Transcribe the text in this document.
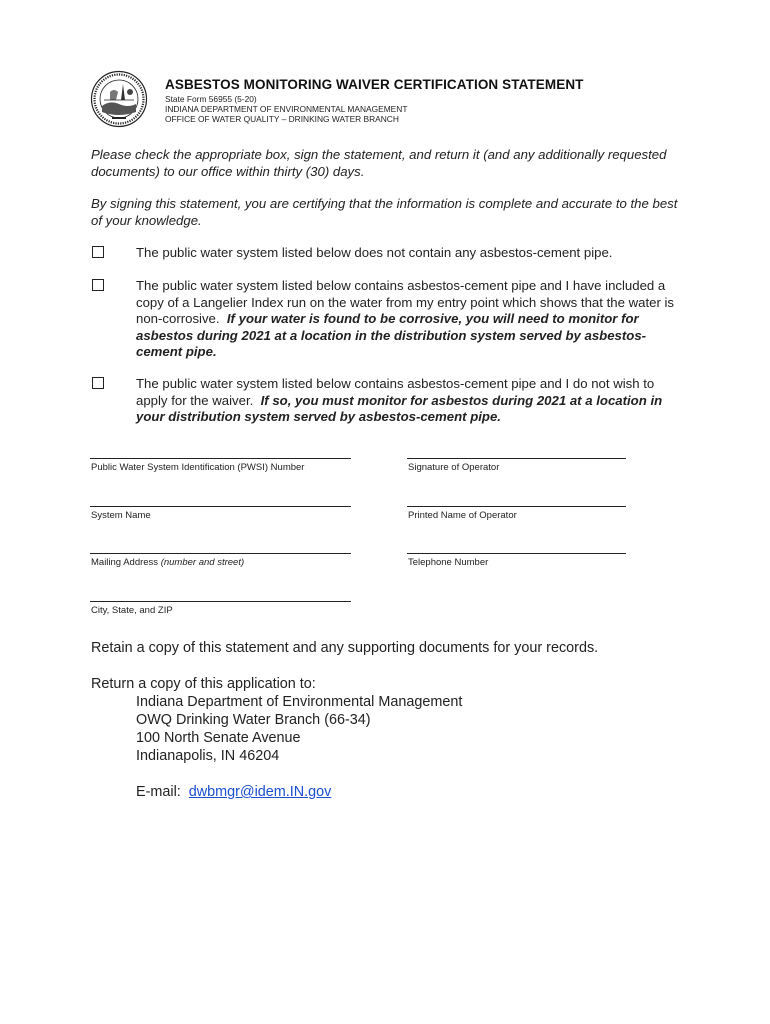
ASBESTOS MONITORING WAIVER CERTIFICATION STATEMENT
State Form 56955 (5-20)
INDIANA DEPARTMENT OF ENVIRONMENTAL MANAGEMENT
OFFICE OF WATER QUALITY – DRINKING WATER BRANCH
Please check the appropriate box, sign the statement, and return it (and any additionally requested documents) to our office within thirty (30) days.
By signing this statement, you are certifying that the information is complete and accurate to the best of your knowledge.
The public water system listed below does not contain any asbestos-cement pipe.
The public water system listed below contains asbestos-cement pipe and I have included a copy of a Langelier Index run on the water from my entry point which shows that the water is non-corrosive. If your water is found to be corrosive, you will need to monitor for asbestos during 2021 at a location in the distribution system served by asbestos-cement pipe.
The public water system listed below contains asbestos-cement pipe and I do not wish to apply for the waiver. If so, you must monitor for asbestos during 2021 at a location in your distribution system served by asbestos-cement pipe.
Public Water System Identification (PWSI) Number	Signature of Operator
System Name	Printed Name of Operator
Mailing Address (number and street)	Telephone Number
City, State, and ZIP
Retain a copy of this statement and any supporting documents for your records.
Return a copy of this application to:
Indiana Department of Environmental Management
OWQ Drinking Water Branch (66-34)
100 North Senate Avenue
Indianapolis, IN 46204
E-mail: dwbmgr@idem.IN.gov
